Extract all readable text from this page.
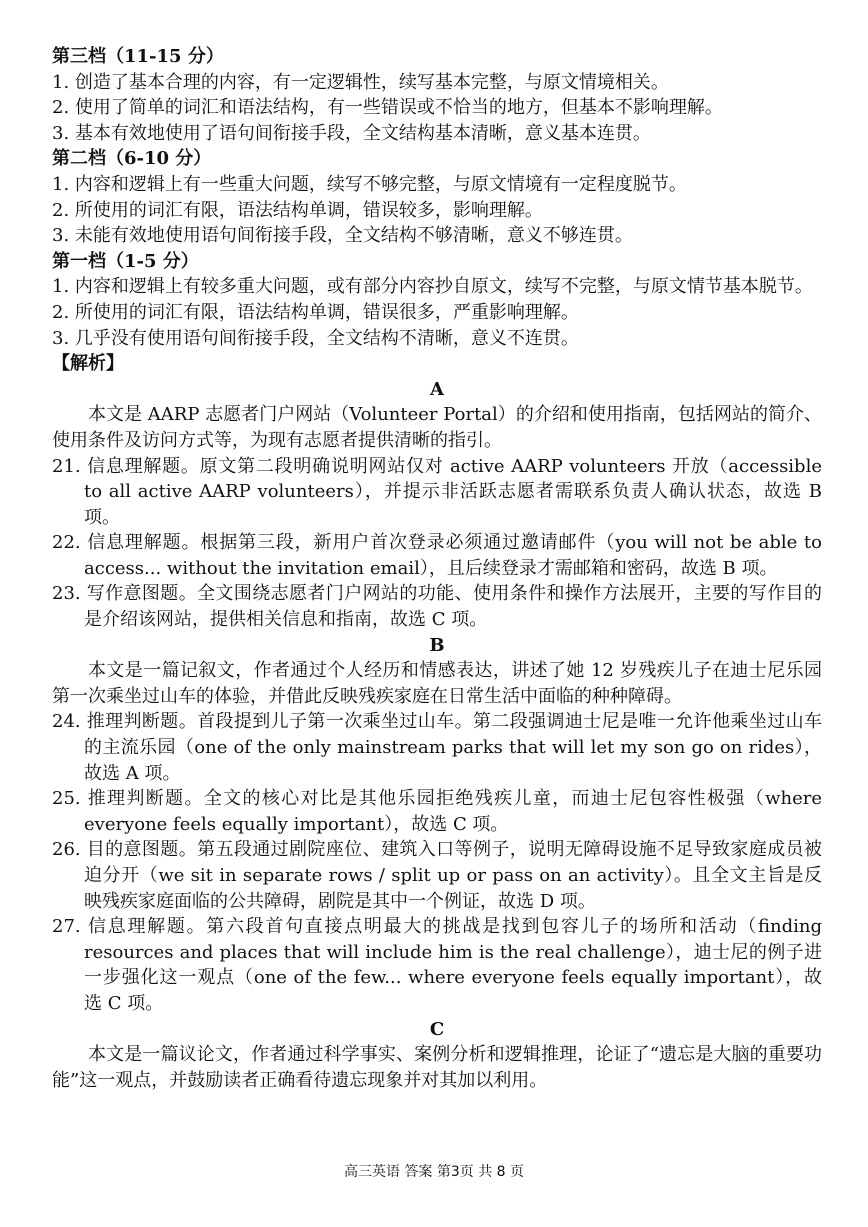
第三档（11-15 分）
1. 创造了基本合理的内容，有一定逻辑性，续写基本完整，与原文情境相关。
2. 使用了简单的词汇和语法结构，有一些错误或不恰当的地方，但基本不影响理解。
3. 基本有效地使用了语句间衔接手段，全文结构基本清晰，意义基本连贯。
第二档（6-10 分）
1. 内容和逻辑上有一些重大问题，续写不够完整，与原文情境有一定程度脱节。
2. 所使用的词汇有限，语法结构单调，错误较多，影响理解。
3. 未能有效地使用语句间衔接手段，全文结构不够清晰，意义不够连贯。
第一档（1-5 分）
1. 内容和逻辑上有较多重大问题，或有部分内容抄自原文，续写不完整，与原文情节基本脱节。
2. 所使用的词汇有限，语法结构单调，错误很多，严重影响理解。
3. 几乎没有使用语句间衔接手段，全文结构不清晰，意义不连贯。
【解析】
A
本文是 AARP 志愿者门户网站（Volunteer Portal）的介绍和使用指南，包括网站的简介、使用条件及访问方式等，为现有志愿者提供清晰的指引。
21. 信息理解题。原文第二段明确说明网站仅对 active AARP volunteers 开放（accessible to all active AARP volunteers），并提示非活跃志愿者需联系负责人确认状态，故选 B 项。
22. 信息理解题。根据第三段，新用户首次登录必须通过邀请邮件（you will not be able to access... without the invitation email），且后续登录才需邮箱和密码，故选 B 项。
23. 写作意图题。全文围绕志愿者门户网站的功能、使用条件和操作方法展开，主要的写作目的是介绍该网站，提供相关信息和指南，故选 C 项。
B
本文是一篇记叙文，作者通过个人经历和情感表达，讲述了她 12 岁残疾儿子在迪士尼乐园第一次乘坐过山车的体验，并借此反映残疾家庭在日常生活中面临的种种障碍。
24. 推理判断题。首段提到儿子第一次乘坐过山车。第二段强调迪士尼是唯一允许他乘坐过山车的主流乐园（one of the only mainstream parks that will let my son go on rides），故选 A 项。
25. 推理判断题。全文的核心对比是其他乐园拒绝残疾儿童，而迪士尼包容性极强（where everyone feels equally important），故选 C 项。
26. 目的意图题。第五段通过剧院座位、建筑入口等例子，说明无障碍设施不足导致家庭成员被迫分开（we sit in separate rows / split up or pass on an activity）。且全文主旨是反映残疾家庭面临的公共障碍，剧院是其中一个例证，故选 D 项。
27. 信息理解题。第六段首句直接点明最大的挑战是找到包容儿子的场所和活动（finding resources and places that will include him is the real challenge），迪士尼的例子进一步强化这一观点（one of the few... where everyone feels equally important），故选 C 项。
C
本文是一篇议论文，作者通过科学事实、案例分析和逻辑推理，论证了“遗忘是大脑的重要功能”这一观点，并鼓励读者正确看待遗忘现象并对其加以利用。
高三英语 答案 第3页 共 8 页
